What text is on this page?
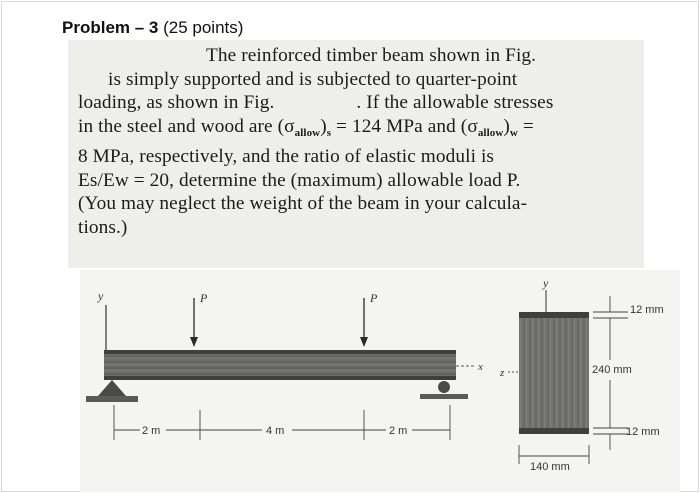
Problem – 3 (25 points)
The reinforced timber beam shown in Fig.
is simply supported and is subjected to quarter-point
loading, as shown in Fig.	. If the allowable stresses
in the steel and wood are $(\sigma_{allow})_s = 124$ MPa and $(\sigma_{allow})_w$ =
8 MPa, respectively, and the ratio of elastic moduli is
Es/Ew = 20, determine the (maximum) allowable load P.
(You may neglect the weight of the beam in your calcula-
tions.)
y	P	P
x
2 m	4 m	2 m
y
z
12 mm
240 mm
12 mm
140 mm
